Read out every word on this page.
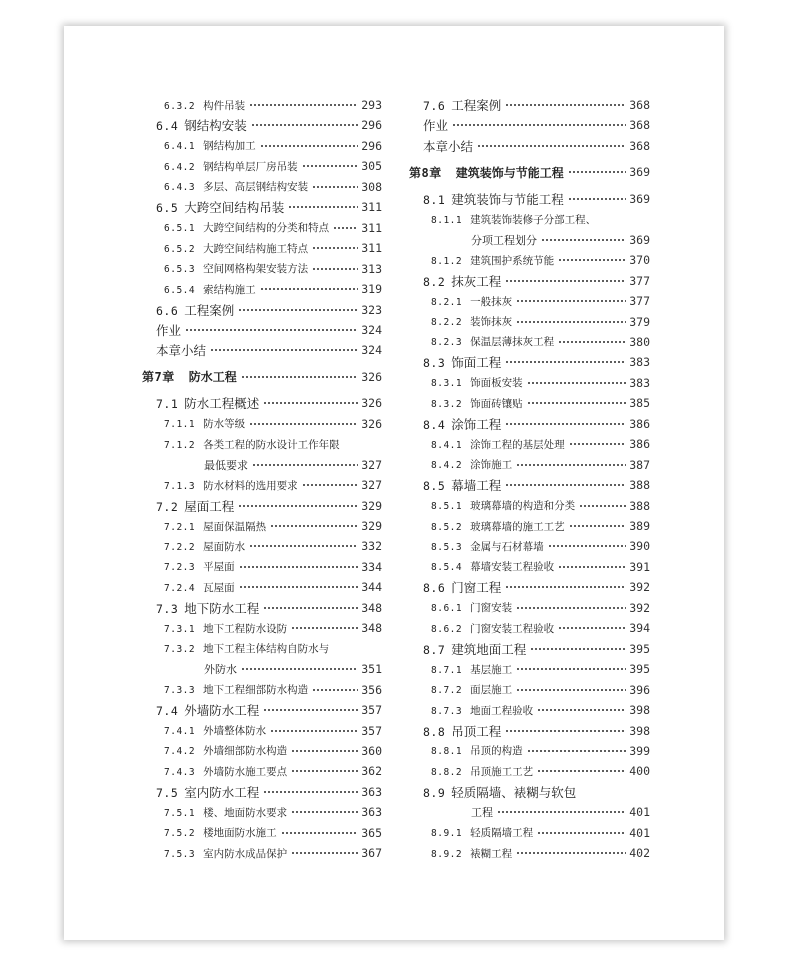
6.3.2 构件吊装	293
6.4 钢结构安装	296
6.4.1 钢结构加工	296
6.4.2 钢结构单层厂房吊装	305
6.4.3 多层、高层钢结构安装	308
6.5 大跨空间结构吊装	311
6.5.1 大跨空间结构的分类和特点	311
6.5.2 大跨空间结构施工特点	311
6.5.3 空间网格构架安装方法	313
6.5.4 索结构施工	319
6.6 工程案例	323
作业	324
本章小结	324
第7章 防水工程	326
7.1 防水工程概述	326
7.1.1 防水等级	326
7.1.2 各类工程的防水设计工作年限
最低要求	327
7.1.3 防水材料的选用要求	327
7.2 屋面工程	329
7.2.1 屋面保温隔热	329
7.2.2 屋面防水	332
7.2.3 平屋面	334
7.2.4 瓦屋面	344
7.3 地下防水工程	348
7.3.1 地下工程防水设防	348
7.3.2 地下工程主体结构自防水与
外防水	351
7.3.3 地下工程细部防水构造	356
7.4 外墙防水工程	357
7.4.1 外墙整体防水	357
7.4.2 外墙细部防水构造	360
7.4.3 外墙防水施工要点	362
7.5 室内防水工程	363
7.5.1 楼、地面防水要求	363
7.5.2 楼地面防水施工	365
7.5.3 室内防水成品保护	367
7.6 工程案例	368
作业	368
本章小结	368
第8章 建筑装饰与节能工程	369
8.1 建筑装饰与节能工程	369
8.1.1 建筑装饰装修子分部工程、
分项工程划分	369
8.1.2 建筑围护系统节能	370
8.2 抹灰工程	377
8.2.1 一般抹灰	377
8.2.2 装饰抹灰	379
8.2.3 保温层薄抹灰工程	380
8.3 饰面工程	383
8.3.1 饰面板安装	383
8.3.2 饰面砖镶贴	385
8.4 涂饰工程	386
8.4.1 涂饰工程的基层处理	386
8.4.2 涂饰施工	387
8.5 幕墙工程	388
8.5.1 玻璃幕墙的构造和分类	388
8.5.2 玻璃幕墙的施工工艺	389
8.5.3 金属与石材幕墙	390
8.5.4 幕墙安装工程验收	391
8.6 门窗工程	392
8.6.1 门窗安装	392
8.6.2 门窗安装工程验收	394
8.7 建筑地面工程	395
8.7.1 基层施工	395
8.7.2 面层施工	396
8.7.3 地面工程验收	398
8.8 吊顶工程	398
8.8.1 吊顶的构造	399
8.8.2 吊顶施工工艺	400
8.9 轻质隔墙、裱糊与软包
工程	401
8.9.1 轻质隔墙工程	401
8.9.2 裱糊工程	402
